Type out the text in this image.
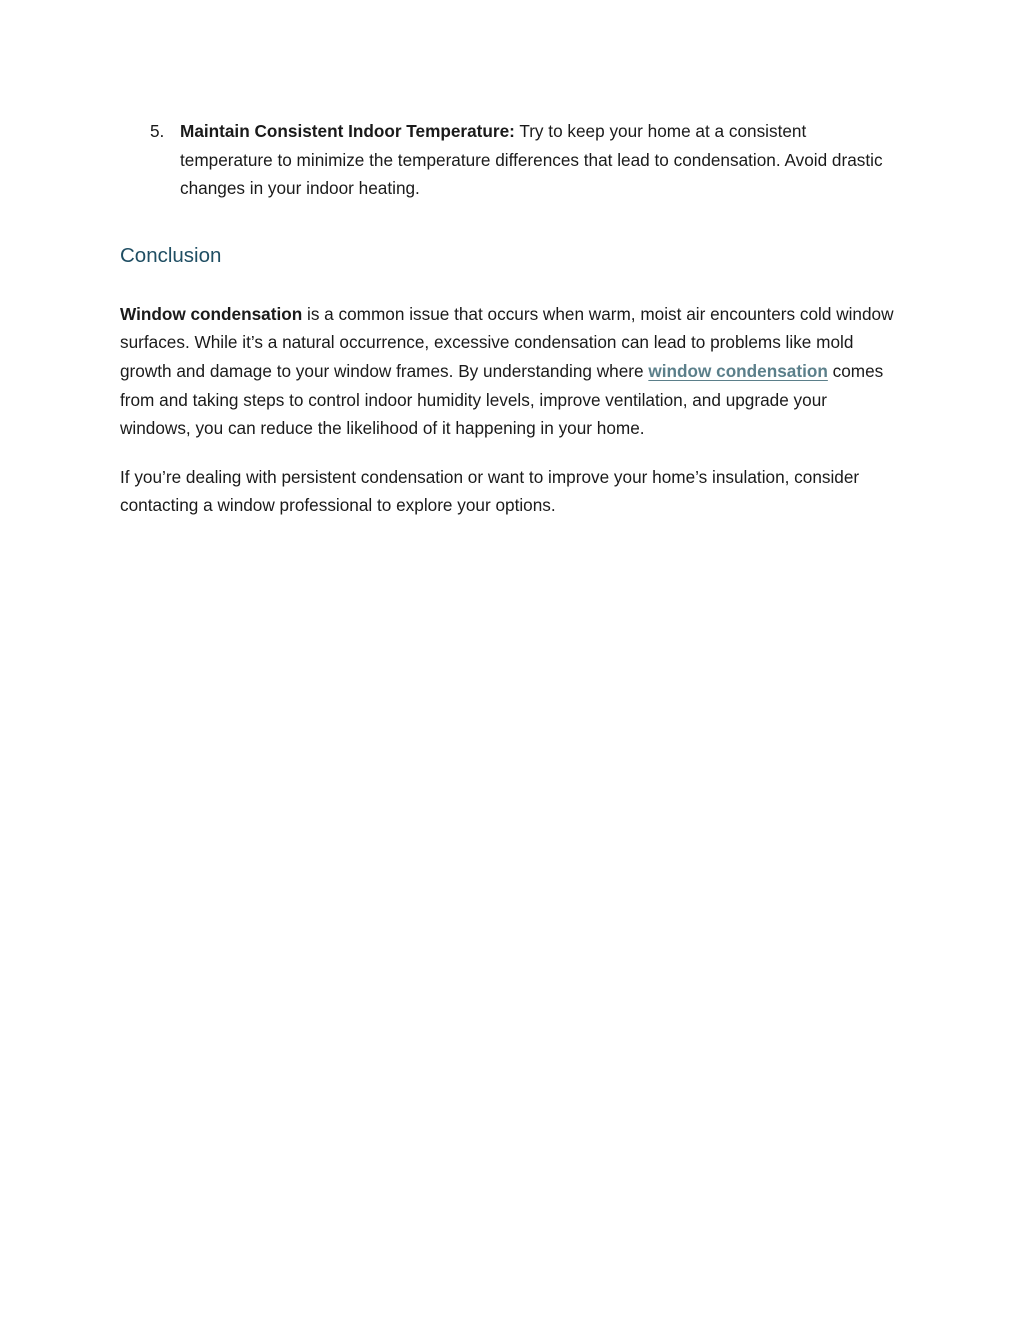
5. Maintain Consistent Indoor Temperature: Try to keep your home at a consistent temperature to minimize the temperature differences that lead to condensation. Avoid drastic changes in your indoor heating.

Conclusion

Window condensation is a common issue that occurs when warm, moist air encounters cold window surfaces. While it’s a natural occurrence, excessive condensation can lead to problems like mold growth and damage to your window frames. By understanding where window condensation comes from and taking steps to control indoor humidity levels, improve ventilation, and upgrade your windows, you can reduce the likelihood of it happening in your home.

If you’re dealing with persistent condensation or want to improve your home’s insulation, consider contacting a window professional to explore your options.
